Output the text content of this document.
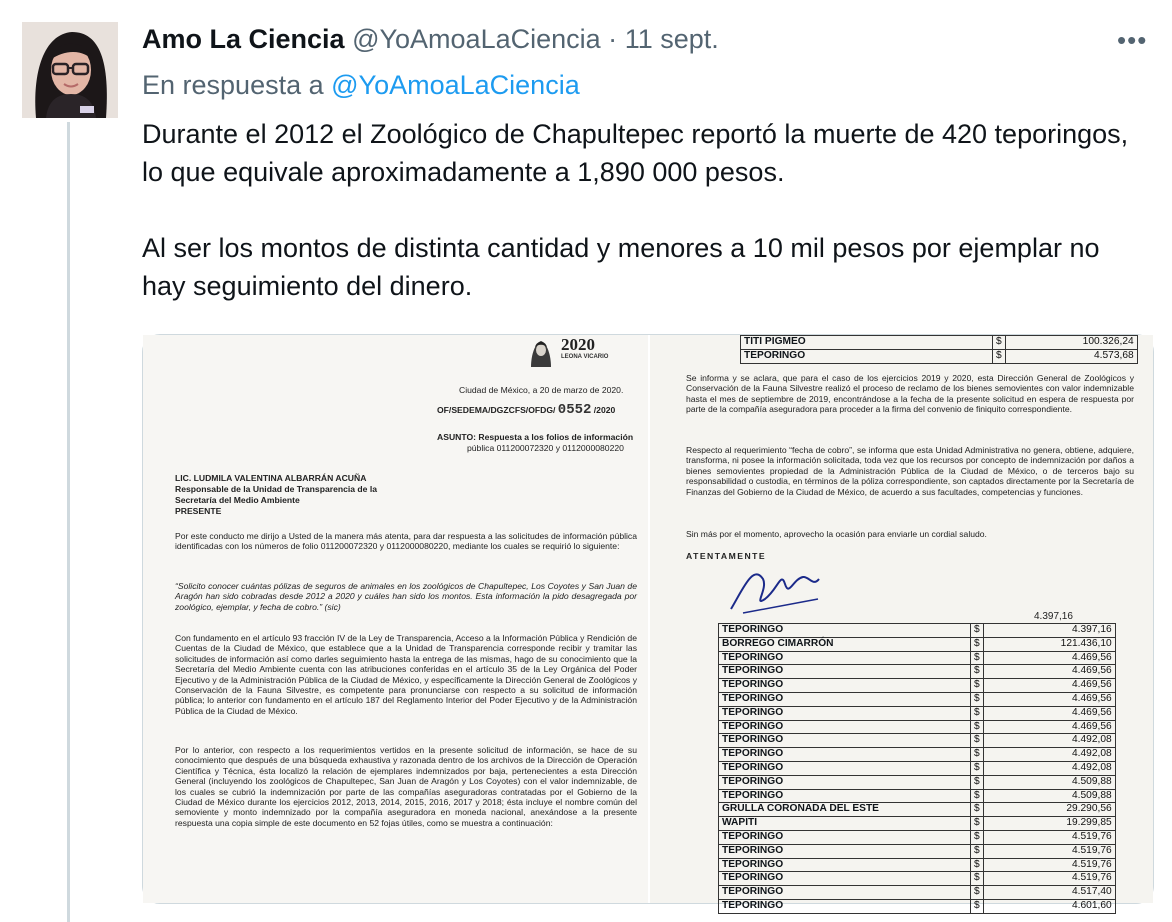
Amo La Ciencia @YoAmoaLaCiencia · 11 sept.	•••
En respuesta a @YoAmoaLaCiencia

Durante el 2012 el Zoológico de Chapultepec reportó la muerte de 420 teporingos, lo que equivale aproximadamente a 1,890 000 pesos.

Al ser los montos de distinta cantidad y menores a 10 mil pesos por ejemplar no hay seguimiento del dinero.

2020
LEONA VICARIO
Ciudad de México, a 20 de marzo de 2020.
OF/SEDEMA/DGZCFS/OFDG/ 0552 /2020
ASUNTO: Respuesta a los folios de información
pública 011200072320 y 0112000080220
LIC. LUDMILA VALENTINA ALBARRÁN ACUÑA
Responsable de la Unidad de Transparencia de la
Secretaría del Medio Ambiente
PRESENTE
Por este conducto me dirijo a Usted de la manera más atenta, para dar respuesta a las solicitudes de información pública identificadas con los números de folio 011200072320 y 0112000080220, mediante los cuales se requirió lo siguiente:
“Solicito conocer cuántas pólizas de seguros de animales en los zoológicos de Chapultepec, Los Coyotes y San Juan de Aragón han sido cobradas desde 2012 a 2020 y cuáles han sido los montos. Esta información la pido desagregada por zoológico, ejemplar, y fecha de cobro.” (sic)
Con fundamento en el artículo 93 fracción IV de la Ley de Transparencia, Acceso a la Información Pública y Rendición de Cuentas de la Ciudad de México, que establece que a la Unidad de Transparencia corresponde recibir y tramitar las solicitudes de información así como darles seguimiento hasta la entrega de las mismas, hago de su conocimiento que la Secretaría del Medio Ambiente cuenta con las atribuciones conferidas en el artículo 35 de la Ley Orgánica del Poder Ejecutivo y de la Administración Pública de la Ciudad de México, y específicamente la Dirección General de Zoológicos y Conservación de la Fauna Silvestre, es competente para pronunciarse con respecto a su solicitud de información pública; lo anterior con fundamento en el artículo 187 del Reglamento Interior del Poder Ejecutivo y de la Administración Pública de la Ciudad de México.
Por lo anterior, con respecto a los requerimientos vertidos en la presente solicitud de información, se hace de su conocimiento que después de una búsqueda exhaustiva y razonada dentro de los archivos de la Dirección de Operación Científica y Técnica, ésta localizó la relación de ejemplares indemnizados por baja, pertenecientes a esta Dirección General (incluyendo los zoológicos de Chapultepec, San Juan de Aragón y Los Coyotes) con el valor indemnizable, de los cuales se cubrió la indemnización por parte de las compañías aseguradoras contratadas por el Gobierno de la Ciudad de México durante los ejercicios 2012, 2013, 2014, 2015, 2016, 2017 y 2018; ésta incluye el nombre común del semoviente y monto indemnizado por la compañía aseguradora en moneda nacional, anexándose a la presente respuesta una copia simple de este documento en 52 fojas útiles, como se muestra a continuación:
TITI PIGMEO	$	100.326,24
TEPORINGO	$	4.573,68
Se informa y se aclara, que para el caso de los ejercicios 2019 y 2020, esta Dirección General de Zoológicos y Conservación de la Fauna Silvestre realizó el proceso de reclamo de los bienes semovientes con valor indemnizable hasta el mes de septiembre de 2019, encontrándose a la fecha de la presente solicitud en espera de respuesta por parte de la compañía aseguradora para proceder a la firma del convenio de finiquito correspondiente.
Respecto al requerimiento “fecha de cobro”, se informa que esta Unidad Administrativa no genera, obtiene, adquiere, transforma, ni posee la información solicitada, toda vez que los recursos por concepto de indemnización por daños a bienes semovientes propiedad de la Administración Pública de la Ciudad de México, o de terceros bajo su responsabilidad o custodia, en términos de la póliza correspondiente, son captados directamente por la Secretaría de Finanzas del Gobierno de la Ciudad de México, de acuerdo a sus facultades, competencias y funciones.
Sin más por el momento, aprovecho la ocasión para enviarle un cordial saludo.
ATENTAMENTE
4.397,16
TEPORINGO	$	4.397,16
BORREGO CIMARRÓN	$	121.436,10
TEPORINGO	$	4.469,56
TEPORINGO	$	4.469,56
TEPORINGO	$	4.469,56
TEPORINGO	$	4.469,56
TEPORINGO	$	4.469,56
TEPORINGO	$	4.469,56
TEPORINGO	$	4.492,08
TEPORINGO	$	4.492,08
TEPORINGO	$	4.492,08
TEPORINGO	$	4.509,88
TEPORINGO	$	4.509,88
GRULLA CORONADA DEL ESTE	$	29.290,56
WAPITI	$	19.299,85
TEPORINGO	$	4.519,76
TEPORINGO	$	4.519,76
TEPORINGO	$	4.519,76
TEPORINGO	$	4.519,76
TEPORINGO	$	4.517,40
TEPORINGO	$	4.601,60
